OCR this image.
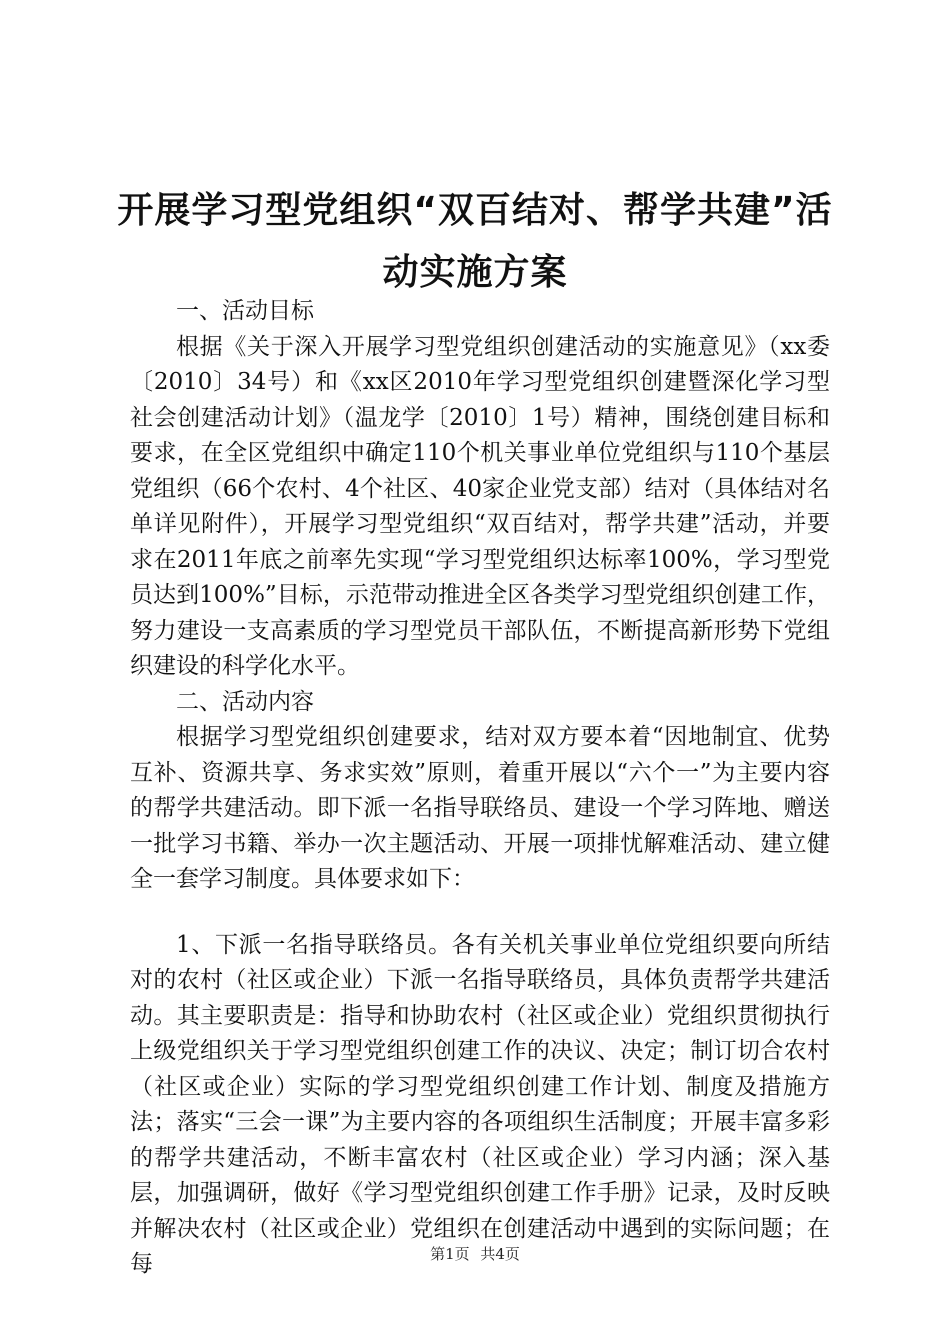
开展学习型党组织“双百结对、帮学共建”活
动实施方案

一、活动目标

根据《关于深入开展学习型党组织创建活动的实施意见》（xx委〔2010〕34号）和《xx区2010年学习型党组织创建暨深化学习型社会创建活动计划》（温龙学〔2010〕1号）精神，围绕创建目标和要求，在全区党组织中确定110个机关事业单位党组织与110个基层党组织（66个农村、4个社区、40家企业党支部）结对（具体结对名单详见附件），开展学习型党组织“双百结对，帮学共建”活动，并要求在2011年底之前率先实现“学习型党组织达标率100%，学习型党员达到100%”目标，示范带动推进全区各类学习型党组织创建工作，努力建设一支高素质的学习型党员干部队伍，不断提高新形势下党组织建设的科学化水平。

二、活动内容

根据学习型党组织创建要求，结对双方要本着“因地制宜、优势互补、资源共享、务求实效”原则，着重开展以“六个一”为主要内容的帮学共建活动。即下派一名指导联络员、建设一个学习阵地、赠送一批学习书籍、举办一次主题活动、开展一项排忧解难活动、建立健全一套学习制度。具体要求如下：

1、下派一名指导联络员。各有关机关事业单位党组织要向所结对的农村（社区或企业）下派一名指导联络员，具体负责帮学共建活动。其主要职责是：指导和协助农村（社区或企业）党组织贯彻执行上级党组织关于学习型党组织创建工作的决议、决定；制订切合农村（社区或企业）实际的学习型党组织创建工作计划、制度及措施方法；落实“三会一课”为主要内容的各项组织生活制度；开展丰富多彩的帮学共建活动，不断丰富农村（社区或企业）学习内涵；深入基层，加强调研，做好《学习型党组织创建工作手册》记录，及时反映并解决农村（社区或企业）党组织在创建活动中遇到的实际问题；在每	第1页 共4页
